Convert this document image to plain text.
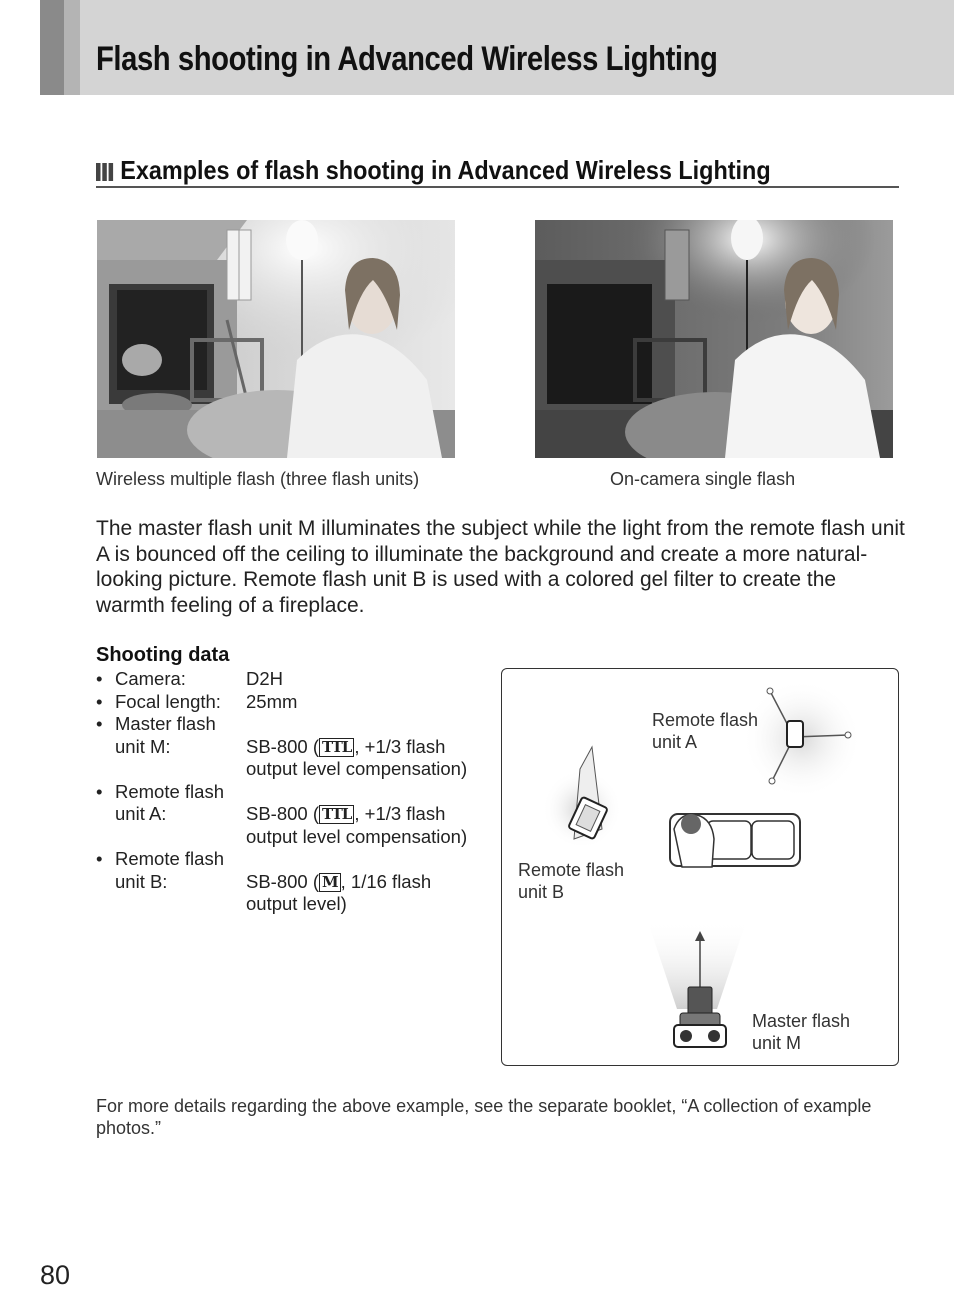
Flash shooting in Advanced Wireless Lighting
Examples of flash shooting in Advanced Wireless Lighting
Wireless multiple flash (three flash units)	On-camera single flash
The master flash unit M illuminates the subject while the light from the remote flash unit A is bounced off the ceiling to illuminate the background and create a more natural-looking picture. Remote flash unit B is used with a colored gel filter to create the warmth feeling of a fireplace.
Shooting data
• Camera:	D2H
• Focal length:	25mm
• Master flash
unit M:	SB-800 ( TTL , +1/3 flash output level compensation)
• Remote flash
unit A:	SB-800 ( TTL , +1/3 flash output level compensation)
• Remote flash
unit B:	SB-800 ( M , 1/16 flash output level)
Remote flash
unit A
Remote flash
unit B
Master flash
unit M
For more details regarding the above example, see the separate booklet, “A collection of example photos.”
80
